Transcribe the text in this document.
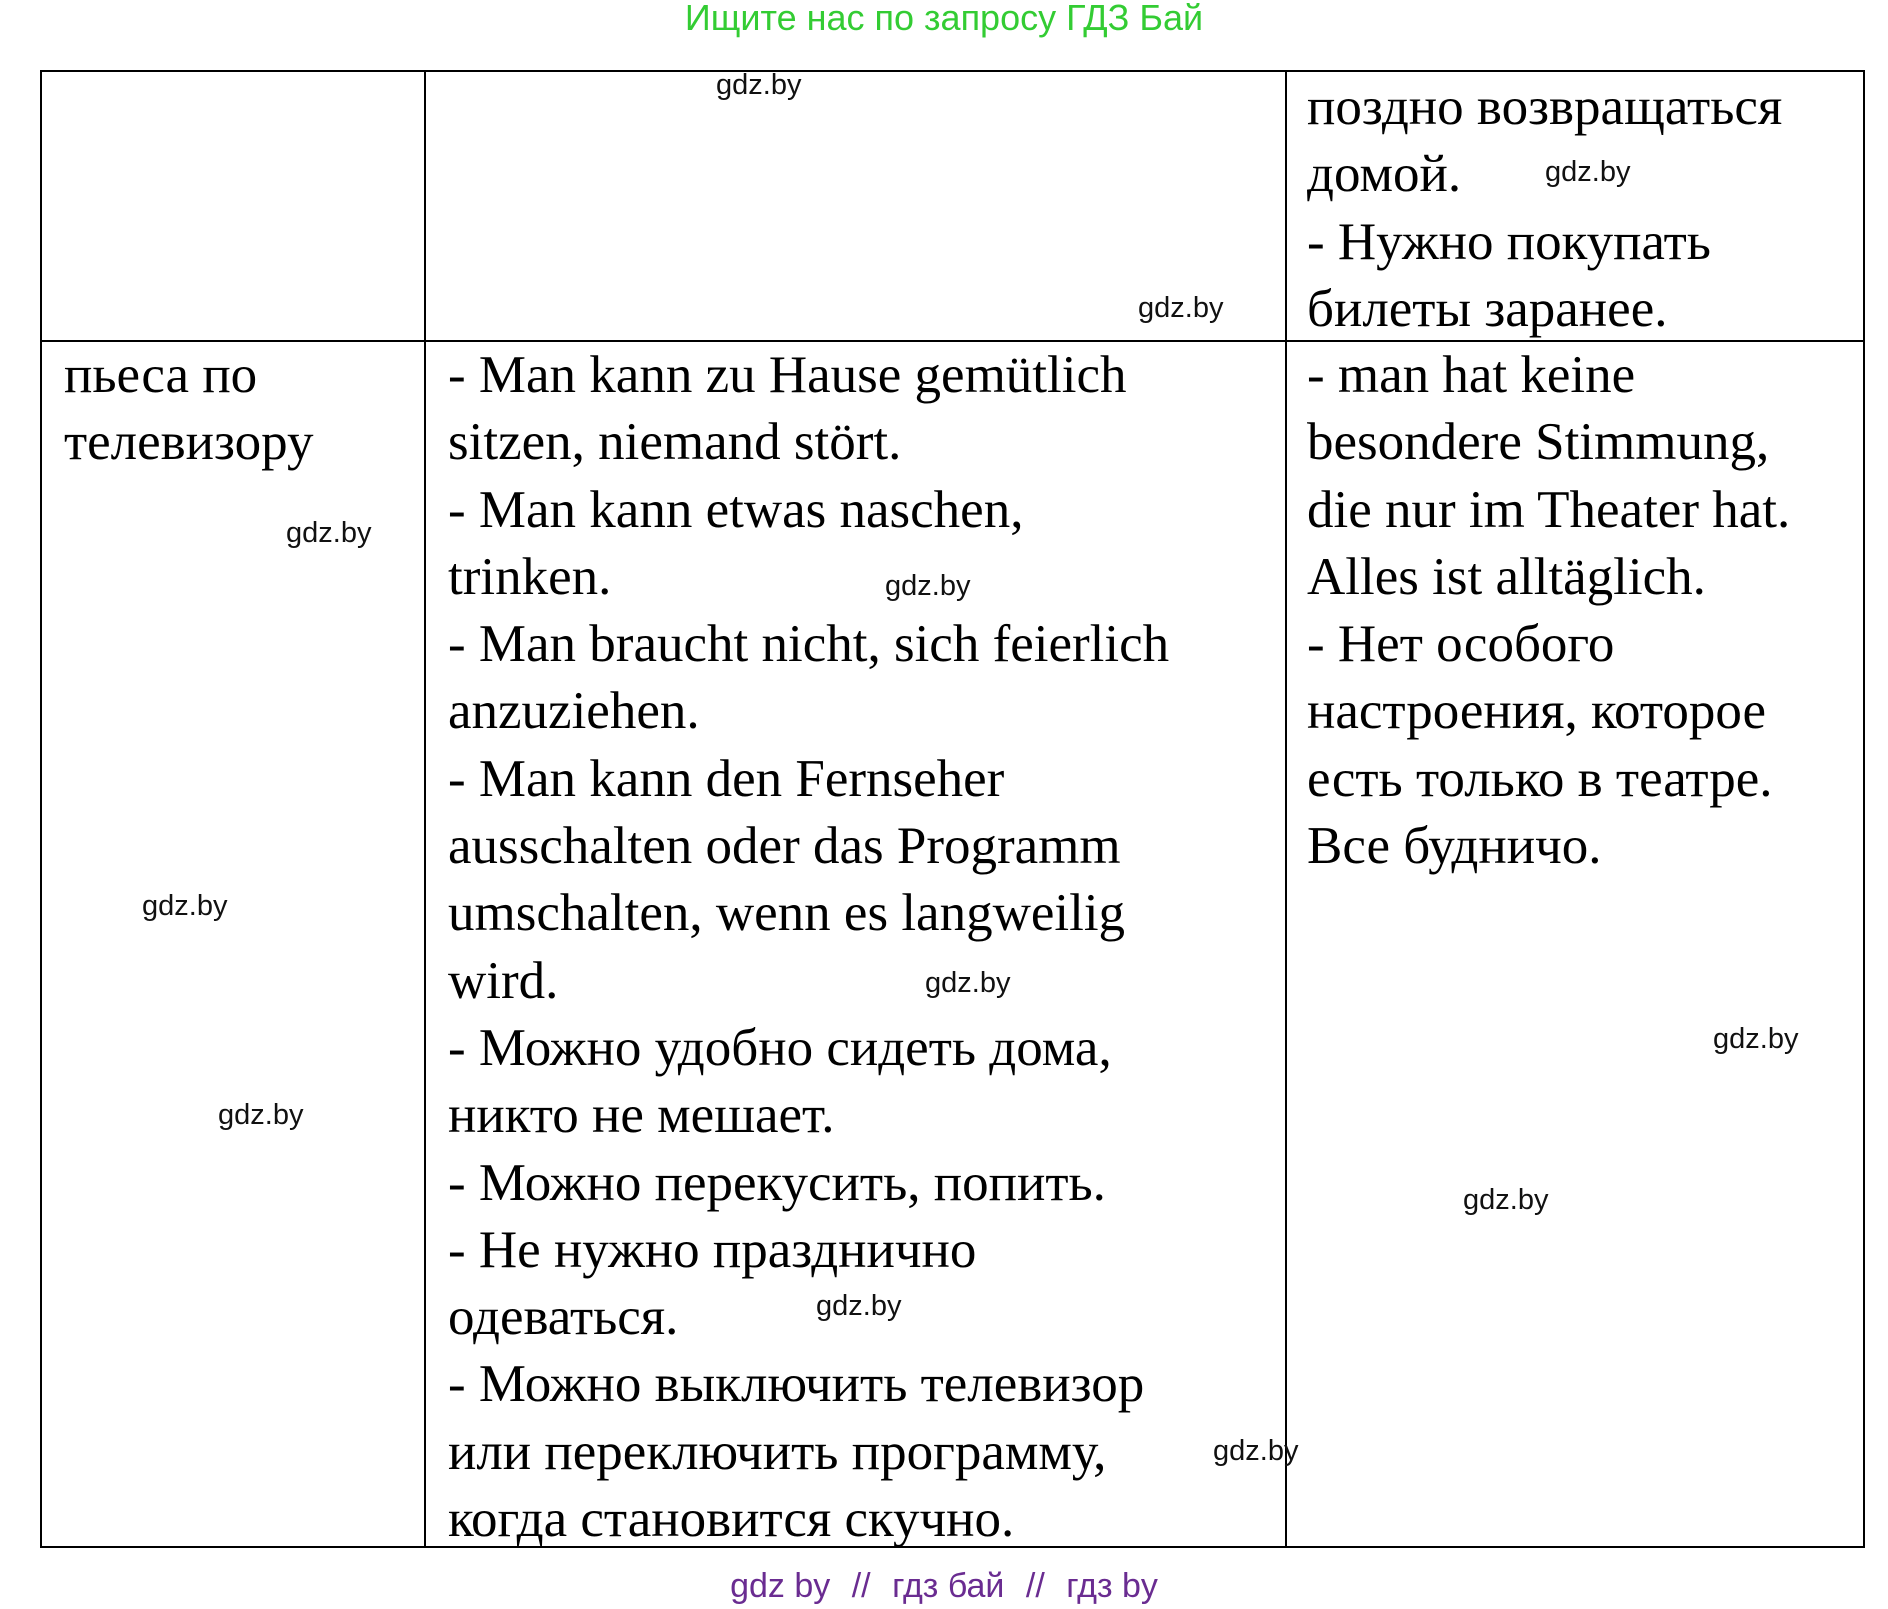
Ищите нас по запросу ГДЗ Бай
поздно возвращаться
домой.
- Нужно покупать
билеты заранее.
пьеса по
телевизору
- Man kann zu Hause gemütlich
sitzen, niemand stört.
- Man kann etwas naschen,
trinken.
- Man braucht nicht, sich feierlich
anzuziehen.
- Man kann den Fernseher
ausschalten oder das Programm
umschalten, wenn es langweilig
wird.
- Можно удобно сидеть дома,
никто не мешает.
- Можно перекусить, попить.
- Не нужно празднично
одеваться.
- Можно выключить телевизор
или переключить программу,
когда становится скучно.
- man hat keine
besondere Stimmung,
die nur im Theater hat.
Alles ist alltäglich.
- Нет особого
настроения, которое
есть только в театре.
Все будничо.
gdz.by
gdz.by
gdz.by
gdz.by
gdz.by
gdz.by
gdz.by
gdz.by
gdz.by
gdz.by
gdz.by
gdz.by
gdz by // гдз бай // гдз by
